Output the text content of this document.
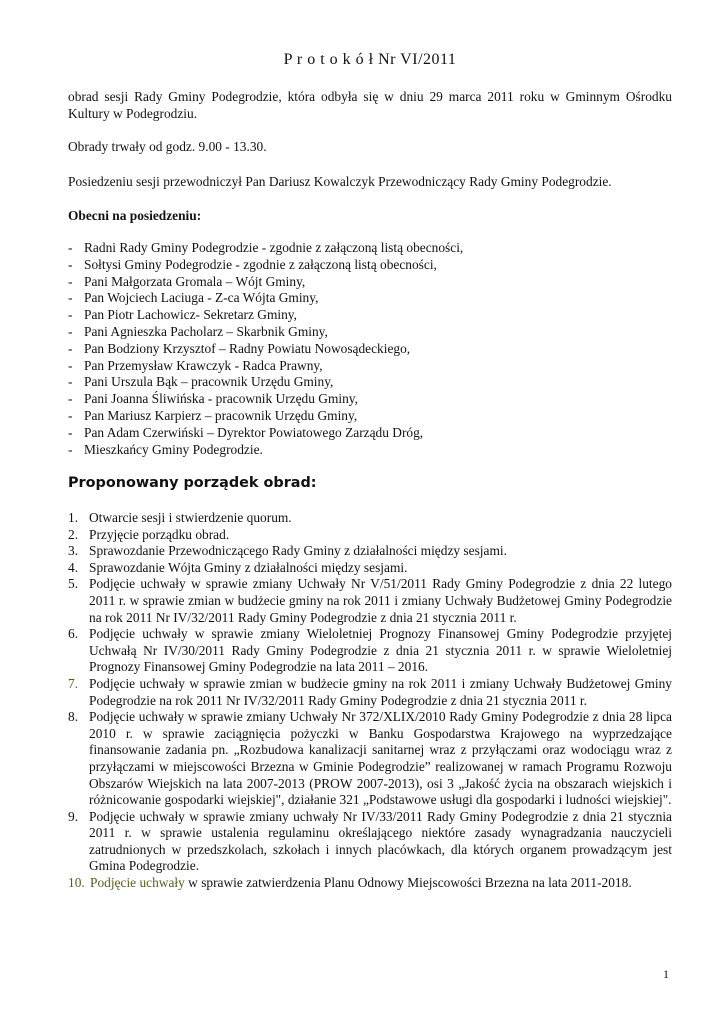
P r o t o k ó ł Nr VI/2011
obrad sesji Rady Gminy Podegrodzie, która odbyła się w dniu 29 marca 2011 roku w Gminnym Ośrodku Kultury w Podegrodziu.
Obrady trwały od godz. 9.00 - 13.30.
Posiedzeniu sesji przewodniczył Pan Dariusz Kowalczyk Przewodniczący Rady Gminy Podegrodzie.
Obecni na posiedzeniu:
- Radni Rady Gminy Podegrodzie - zgodnie z załączoną listą obecności,
- Sołtysi Gminy Podegrodzie - zgodnie z załączoną listą obecności,
- Pani Małgorzata Gromala – Wójt Gminy,
- Pan Wojciech Laciuga - Z-ca Wójta Gminy,
- Pan Piotr Lachowicz- Sekretarz Gminy,
- Pani Agnieszka Pacholarz – Skarbnik Gminy,
- Pan Bodziony Krzysztof – Radny Powiatu Nowosądeckiego,
- Pan Przemysław Krawczyk - Radca Prawny,
- Pani Urszula Bąk – pracownik Urzędu Gminy,
- Pani Joanna Śliwińska - pracownik Urzędu Gminy,
- Pan Mariusz Karpierz – pracownik Urzędu Gminy,
- Pan Adam Czerwiński – Dyrektor Powiatowego Zarządu Dróg,
- Mieszkańcy Gminy Podegrodzie.
Proponowany porządek obrad:
1. Otwarcie sesji i stwierdzenie quorum.
2. Przyjęcie porządku obrad.
3. Sprawozdanie Przewodniczącego Rady Gminy z działalności między sesjami.
4. Sprawozdanie Wójta Gminy z działalności między sesjami.
5. Podjęcie uchwały w sprawie zmiany Uchwały Nr V/51/2011 Rady Gminy Podegrodzie z dnia 22 lutego 2011 r. w sprawie zmian w budżecie gminy na rok 2011 i zmiany Uchwały Budżetowej Gminy Podegrodzie na rok 2011 Nr IV/32/2011 Rady Gminy Podegrodzie z dnia 21 stycznia 2011 r.
6. Podjęcie uchwały w sprawie zmiany Wieloletniej Prognozy Finansowej Gminy Podegrodzie przyjętej Uchwałą Nr IV/30/2011 Rady Gminy Podegrodzie z dnia 21 stycznia 2011 r. w sprawie Wieloletniej Prognozy Finansowej Gminy Podegrodzie na lata 2011 – 2016.
7. Podjęcie uchwały w sprawie zmian w budżecie gminy na rok 2011 i zmiany Uchwały Budżetowej Gminy Podegrodzie na rok 2011 Nr IV/32/2011 Rady Gminy Podegrodzie z dnia 21 stycznia 2011 r.
8. Podjęcie uchwały w sprawie zmiany Uchwały Nr 372/XLIX/2010 Rady Gminy Podegrodzie z dnia 28 lipca 2010 r. w sprawie zaciągnięcia pożyczki w Banku Gospodarstwa Krajowego na wyprzedzające finansowanie zadania pn. „Rozbudowa kanalizacji sanitarnej wraz z przyłączami oraz wodociągu wraz z przyłączami w miejscowości Brzezna w Gminie Podegrodzie” realizowanej w ramach Programu Rozwoju Obszarów Wiejskich na lata 2007-2013 (PROW 2007-2013), osi 3 „Jakość życia na obszarach wiejskich i różnicowanie gospodarki wiejskiej", działanie 321 „Podstawowe usługi dla gospodarki i ludności wiejskiej".
9. Podjęcie uchwały w sprawie zmiany uchwały Nr IV/33/2011 Rady Gminy Podegrodzie z dnia 21 stycznia 2011 r. w sprawie ustalenia regulaminu określającego niektóre zasady wynagradzania nauczycieli zatrudnionych w przedszkolach, szkołach i innych placówkach, dla których organem prowadzącym jest Gmina Podegrodzie.
10. Podjęcie uchwały w sprawie zatwierdzenia Planu Odnowy Miejscowości Brzezna na lata 2011-2018.
1
